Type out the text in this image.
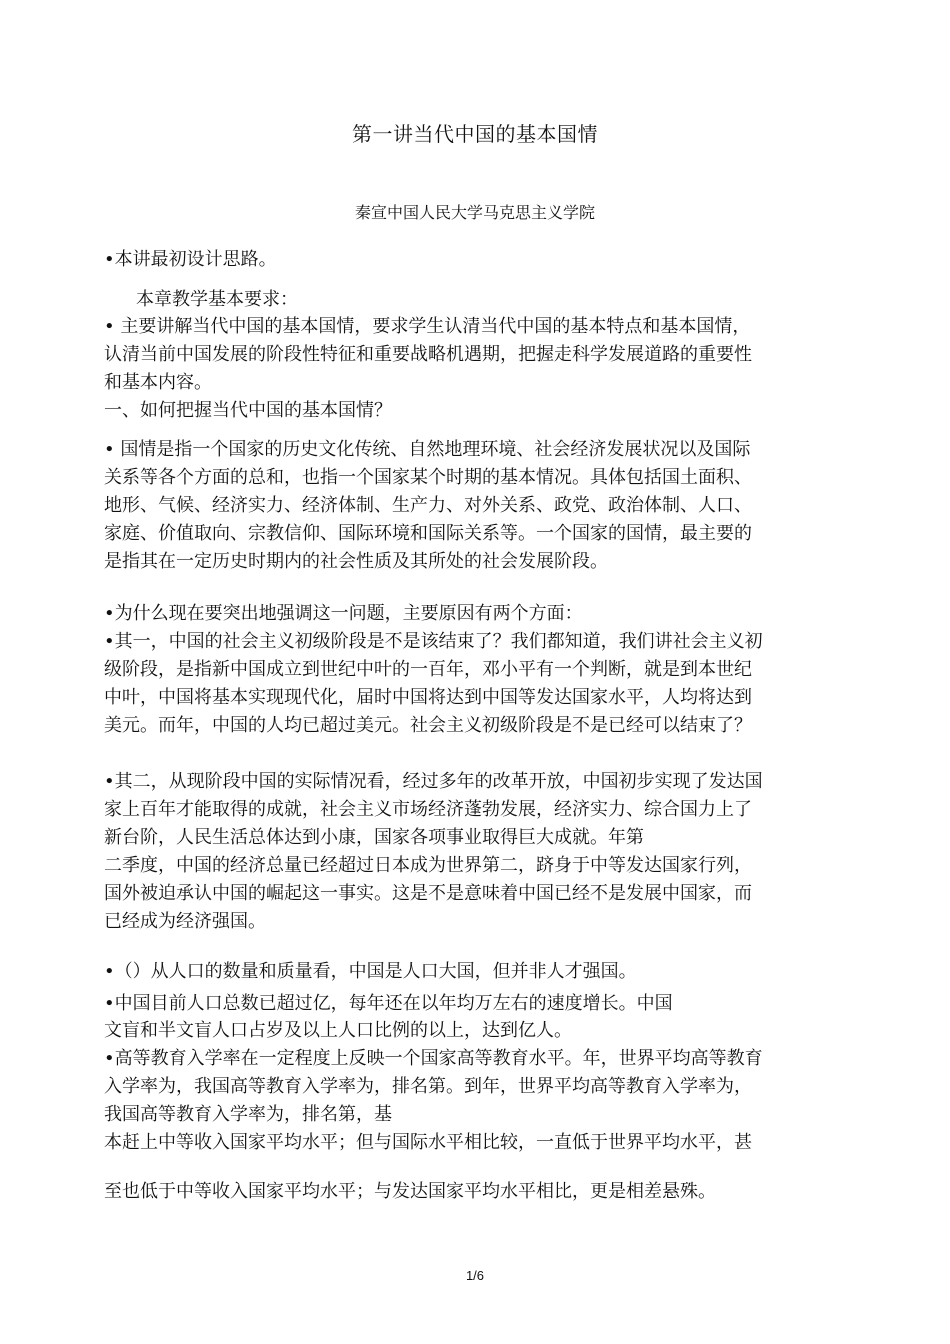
第一讲当代中国的基本国情
秦宣中国人民大学马克思主义学院
•本讲最初设计思路。
本章教学基本要求：
• 主要讲解当代中国的基本国情，要求学生认清当代中国的基本特点和基本国情，
认清当前中国发展的阶段性特征和重要战略机遇期，把握走科学发展道路的重要性
和基本内容。
一、如何把握当代中国的基本国情？
• 国情是指一个国家的历史文化传统、自然地理环境、社会经济发展状况以及国际
关系等各个方面的总和，也指一个国家某个时期的基本情况。具体包括国土面积、
地形、气候、经济实力、经济体制、生产力、对外关系、政党、政治体制、人口、
家庭、价值取向、宗教信仰、国际环境和国际关系等。一个国家的国情，最主要的
是指其在一定历史时期内的社会性质及其所处的社会发展阶段。
•为什么现在要突出地强调这一问题，主要原因有两个方面：
•其一，中国的社会主义初级阶段是不是该结束了？我们都知道，我们讲社会主义初
级阶段，是指新中国成立到世纪中叶的一百年，邓小平有一个判断，就是到本世纪
中叶，中国将基本实现现代化，届时中国将达到中国等发达国家水平，人均将达到
美元。而年，中国的人均已超过美元。社会主义初级阶段是不是已经可以结束了？
•其二，从现阶段中国的实际情况看，经过多年的改革开放，中国初步实现了发达国
家上百年才能取得的成就，社会主义市场经济蓬勃发展，经济实力、综合国力上了
新台阶，人民生活总体达到小康，国家各项事业取得巨大成就。年第
二季度，中国的经济总量已经超过日本成为世界第二，跻身于中等发达国家行列，
国外被迫承认中国的崛起这一事实。这是不是意味着中国已经不是发展中国家，而
已经成为经济强国。
•（）从人口的数量和质量看，中国是人口大国，但并非人才强国。
•中国目前人口总数已超过亿，每年还在以年均万左右的速度增长。中国
文盲和半文盲人口占岁及以上人口比例的以上，达到亿人。
•高等教育入学率在一定程度上反映一个国家高等教育水平。年，世界平均高等教育
入学率为，我国高等教育入学率为，排名第。到年，世界平均高等教育入学率为，
我国高等教育入学率为，排名第，基
本赶上中等收入国家平均水平；但与国际水平相比较，一直低于世界平均水平，甚
至也低于中等收入国家平均水平；与发达国家平均水平相比，更是相差悬殊。
1/6
